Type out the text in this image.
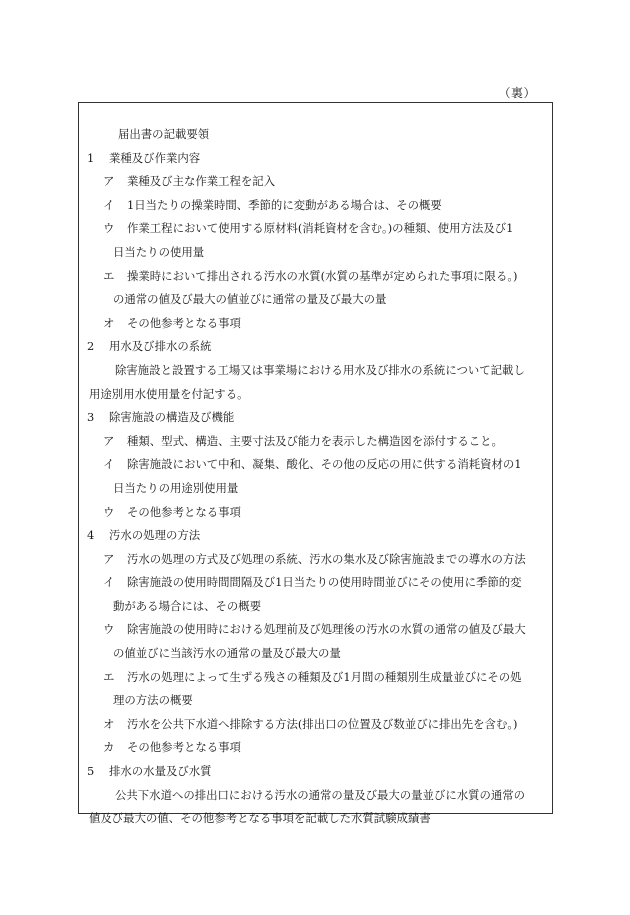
（裏）
届出書の記載要領
1 業種及び作業内容
ア 業種及び主な作業工程を記入
イ 1日当たりの操業時間、季節的に変動がある場合は、その概要
ウ 作業工程において使用する原材料(消耗資材を含む。)の種類、使用方法及び1
日当たりの使用量
エ 操業時において排出される汚水の水質(水質の基準が定められた事項に限る。)
の通常の値及び最大の値並びに通常の量及び最大の量
オ その他参考となる事項
2 用水及び排水の系統
除害施設と設置する工場又は事業場における用水及び排水の系統について記載し
用途別用水使用量を付記する。
3 除害施設の構造及び機能
ア 種類、型式、構造、主要寸法及び能力を表示した構造図を添付すること。
イ 除害施設において中和、凝集、酸化、その他の反応の用に供する消耗資材の1
日当たりの用途別使用量
ウ その他参考となる事項
4 汚水の処理の方法
ア 汚水の処理の方式及び処理の系統、汚水の集水及び除害施設までの導水の方法
イ 除害施設の使用時間間隔及び1日当たりの使用時間並びにその使用に季節的変
動がある場合には、その概要
ウ 除害施設の使用時における処理前及び処理後の汚水の水質の通常の値及び最大
の値並びに当該汚水の通常の量及び最大の量
エ 汚水の処理によって生ずる残さの種類及び1月間の種類別生成量並びにその処
理の方法の概要
オ 汚水を公共下水道へ排除する方法(排出口の位置及び数並びに排出先を含む。)
カ その他参考となる事項
5 排水の水量及び水質
公共下水道への排出口における汚水の通常の量及び最大の量並びに水質の通常の
値及び最大の値、その他参考となる事項を記載した水質試験成績書
